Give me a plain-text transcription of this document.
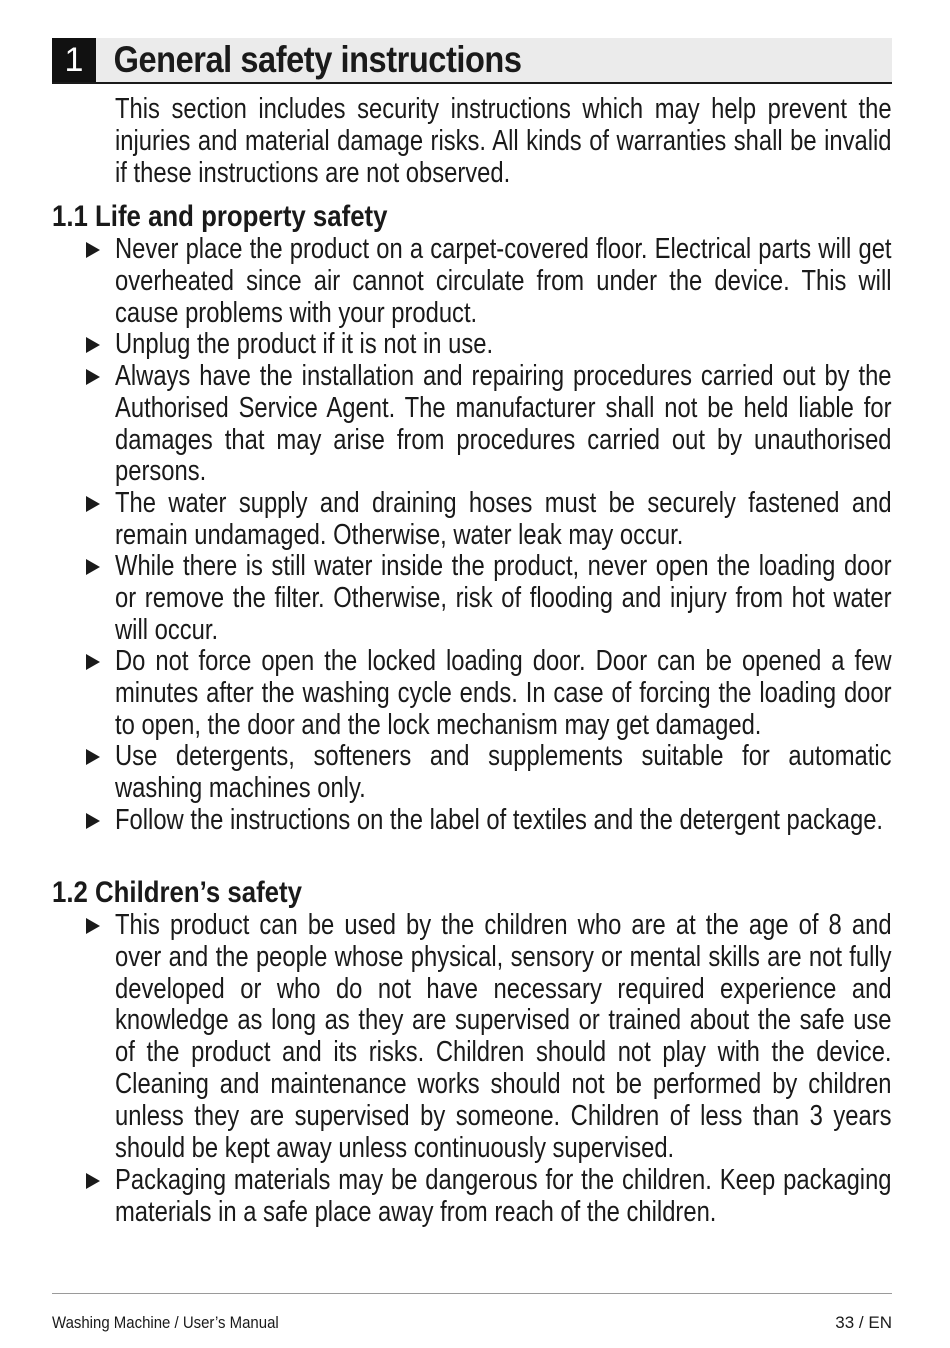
1 General safety instructions
This section includes security instructions which may help prevent the injuries and material damage risks. All kinds of warranties shall be invalid if these instructions are not observed.
1.1 Life and property safety
Never place the product on a carpet-covered floor. Electrical parts will get overheated since air cannot circulate from under the device. This will cause problems with your product.
Unplug the product if it is not in use.
Always have the installation and repairing procedures carried out by the Authorised Service Agent. The manufacturer shall not be held liable for damages that may arise from procedures carried out by unauthorised persons.
The water supply and draining hoses must be securely fastened and remain undamaged. Otherwise, water leak may occur.
While there is still water inside the product, never open the loading door or remove the filter. Otherwise, risk of flooding and injury from hot water will occur.
Do not force open the locked loading door. Door can be opened a few minutes after the washing cycle ends. In case of forcing the loading door to open, the door and the lock mechanism may get damaged.
Use detergents, softeners and supplements suitable for automatic washing machines only.
Follow the instructions on the label of textiles and the detergent package.
1.2 Children’s safety
This product can be used by the children who are at the age of 8 and over and the people whose physical, sensory or mental skills are not fully developed or who do not have necessary required experience and knowledge as long as they are supervised or trained about the safe use of the product and its risks. Children should not play with the device. Cleaning and maintenance works should not be performed by children unless they are supervised by someone. Children of less than 3 years should be kept away unless continuously supervised.
Packaging materials may be dangerous for the children. Keep packaging materials in a safe place away from reach of the children.
Washing Machine / User’s Manual	33 / EN
